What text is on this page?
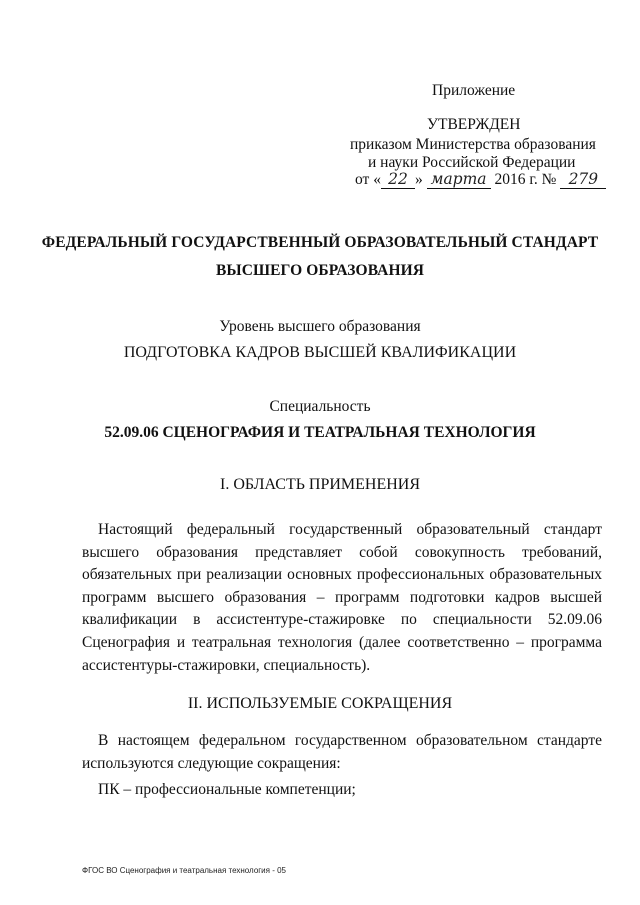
Приложение
УТВЕРЖДЕН
приказом Министерства образования
и науки Российской Федерации
от « 22 » марта 2016 г. № 279
ФЕДЕРАЛЬНЫЙ ГОСУДАРСТВЕННЫЙ ОБРАЗОВАТЕЛЬНЫЙ СТАНДАРТ
ВЫСШЕГО ОБРАЗОВАНИЯ
Уровень высшего образования
ПОДГОТОВКА КАДРОВ ВЫСШЕЙ КВАЛИФИКАЦИИ
Специальность
52.09.06 СЦЕНОГРАФИЯ И ТЕАТРАЛЬНАЯ ТЕХНОЛОГИЯ
I. ОБЛАСТЬ ПРИМЕНЕНИЯ
Настоящий федеральный государственный образовательный стандарт высшего образования представляет собой совокупность требований, обязательных при реализации основных профессиональных образовательных программ высшего образования – программ подготовки кадров высшей квалификации в ассистентуре-стажировке по специальности 52.09.06 Сценография и театральная технология (далее соответственно – программа ассистентуры-стажировки, специальность).
II. ИСПОЛЬЗУЕМЫЕ СОКРАЩЕНИЯ
В настоящем федеральном государственном образовательном стандарте используются следующие сокращения:
ПК – профессиональные компетенции;
ФГОС ВО Сценография и театральная технология - 05
